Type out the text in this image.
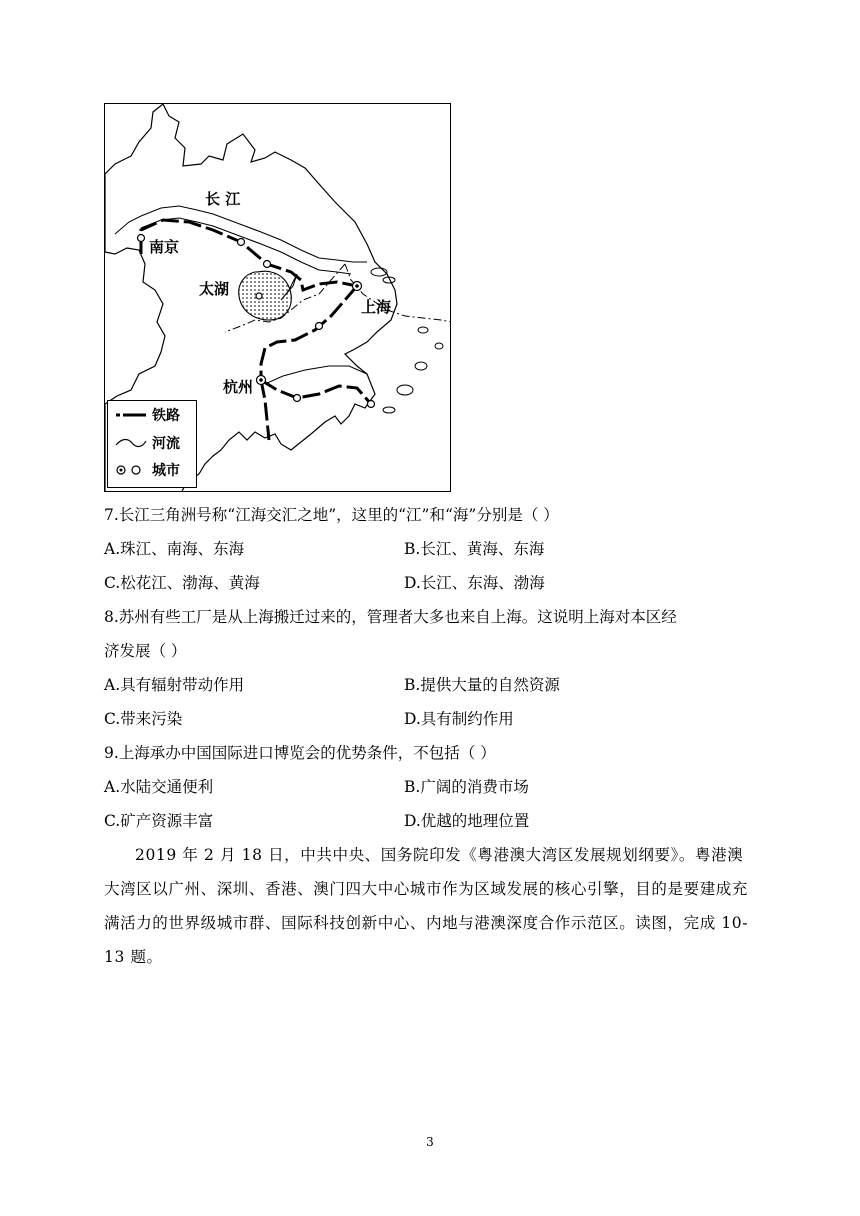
长 江
南京
太湖
上海
杭州
铁路
河流
城市
7.长江三角洲号称“江海交汇之地”，这里的“江”和“海”分别是（ ）
A.珠江、南海、东海	B.长江、黄海、东海
C.松花江、渤海、黄海	D.长江、东海、渤海
8.苏州有些工厂是从上海搬迁过来的，管理者大多也来自上海。这说明上海对本区经
济发展（ ）
A.具有辐射带动作用	B.提供大量的自然资源
C.带来污染	D.具有制约作用
9.上海承办中国国际进口博览会的优势条件，不包括（ ）
A.水陆交通便利	B.广阔的消费市场
C.矿产资源丰富	D.优越的地理位置
2019 年 2 月 18 日，中共中央、国务院印发《粤港澳大湾区发展规划纲要》。粤港澳大湾区以广州、深圳、香港、澳门四大中心城市作为区域发展的核心引擎，目的是要建成充满活力的世界级城市群、国际科技创新中心、内地与港澳深度合作示范区。读图，完成 10-13 题。
3
